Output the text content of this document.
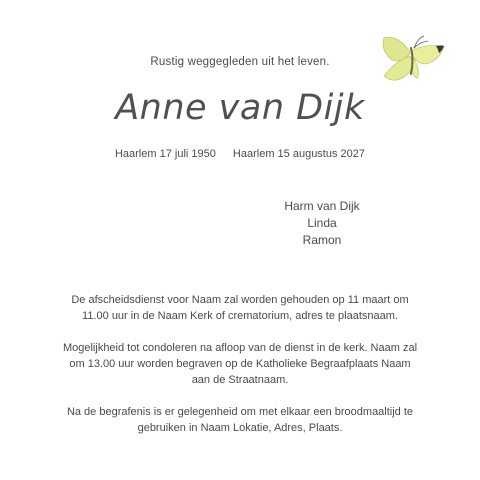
Rustig weggegleden uit het leven.
Anne van Dijk
Haarlem 17 juli 1950 Haarlem 15 augustus 2027
Harm van Dijk
Linda
Ramon

De afscheidsdienst voor Naam zal worden gehouden op 11 maart om 11.00 uur in de Naam Kerk of crematorium, adres te plaatsnaam.

Mogelijkheid tot condoleren na afloop van de dienst in de kerk. Naam zal om 13.00 uur worden begraven op de Katholieke Begraafplaats Naam aan de Straatnaam.

Na de begrafenis is er gelegenheid om met elkaar een broodmaaltijd te gebruiken in Naam Lokatie, Adres, Plaats.
